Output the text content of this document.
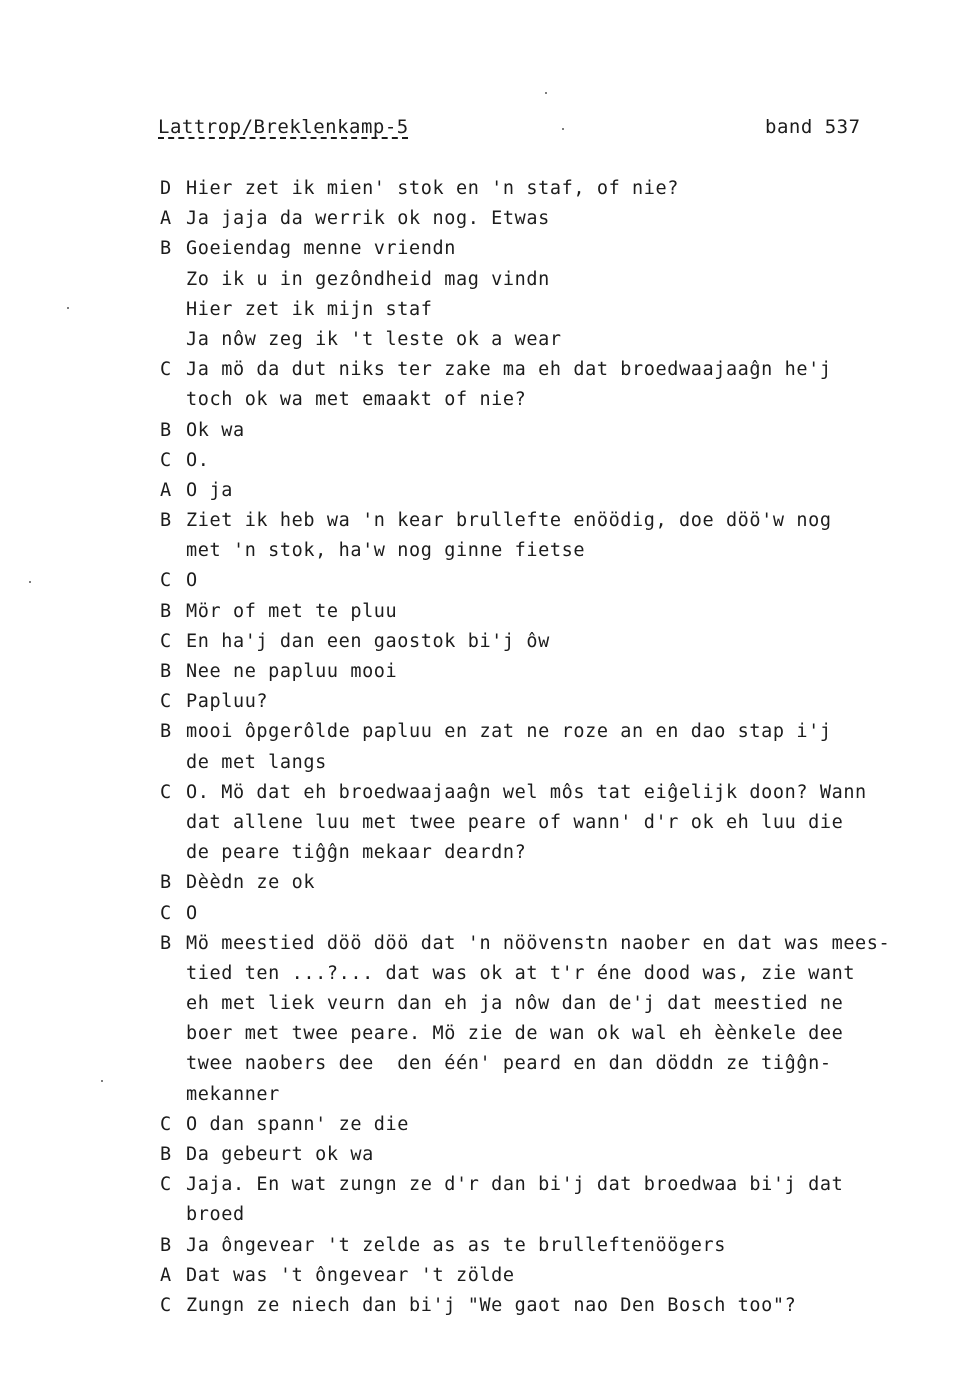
Lattrop/Breklenkamp-5	band 537
D Hier zet ik mien' stok en 'n staf, of nie?
A Ja jaja da werrik ok nog. Etwas
B Goeiendag menne vriendn
Zo ik u in gezôndheid mag vindn
Hier zet ik mijn staf
Ja nôw zeg ik 't leste ok a wear
C Ja mö da dut niks ter zake ma eh dat broedwaajaaĝn he'j
toch ok wa met emaakt of nie?
B Ok wa
C O.
A O ja
B Ziet ik heb wa 'n kear brullefte enöödig, doe döö'w nog
met 'n stok, ha'w nog ginne fietse
C O
B Mör of met te pluu
C En ha'j dan een gaostok bi'j ôw
B Nee ne papluu mooi
C Papluu?
B mooi ôpgerôlde papluu en zat ne roze an en dao stap i'j
de met langs
C O. Mö dat eh broedwaajaaĝn wel môs tat eiĝelijk doon? Wann
dat allene luu met twee peare of wann' d'r ok eh luu die
de peare tiĝĝn mekaar deardn?
B Dèèdn ze ok
C O
B Mö meestied döö döö dat 'n nöövenstn naober en dat was mees-
tied ten ...?... dat was ok at t'r éne dood was, zie want
eh met liek veurn dan eh ja nôw dan de'j dat meestied ne
boer met twee peare. Mö zie de wan ok wal eh èènkele dee
twee naobers dee  den één' peard en dan döddn ze tiĝĝn-
mekanner
C O dan spann' ze die
B Da gebeurt ok wa
C Jaja. En wat zungn ze d'r dan bi'j dat broedwaa bi'j dat
broed
B Ja ôngevear 't zelde as as te brulleftenöögers
A Dat was 't ôngevear 't zölde
C Zungn ze niech dan bi'j "We gaot nao Den Bosch too"?
